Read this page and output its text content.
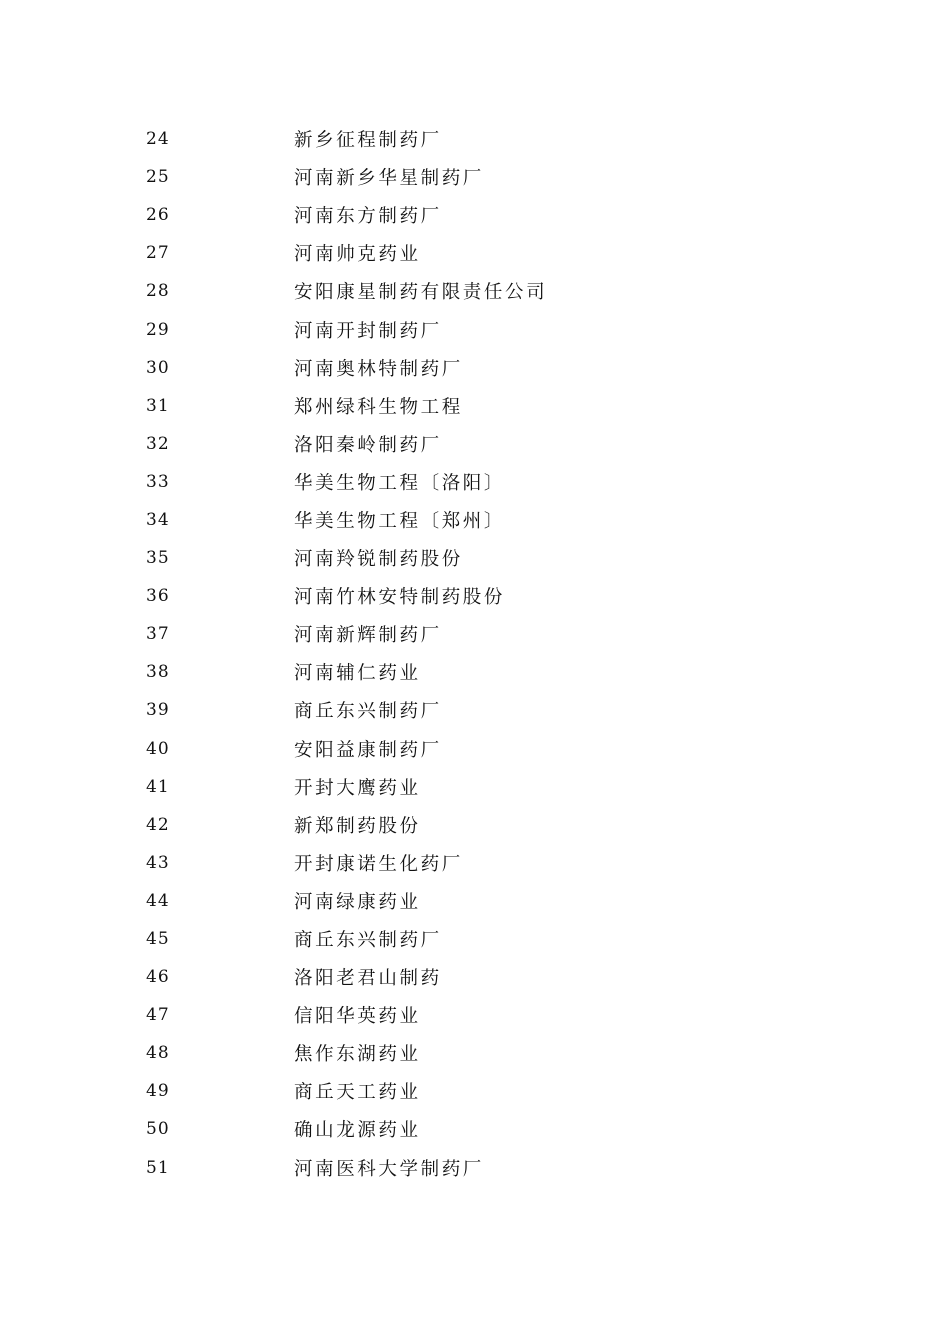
24	新乡征程制药厂
25	河南新乡华星制药厂
26	河南东方制药厂
27	河南帅克药业
28	安阳康星制药有限责任公司
29	河南开封制药厂
30	河南奥林特制药厂
31	郑州绿科生物工程
32	洛阳秦岭制药厂
33	华美生物工程〔洛阳〕
34	华美生物工程〔郑州〕
35	河南羚锐制药股份
36	河南竹林安特制药股份
37	河南新辉制药厂
38	河南辅仁药业
39	商丘东兴制药厂
40	安阳益康制药厂
41	开封大鹰药业
42	新郑制药股份
43	开封康诺生化药厂
44	河南绿康药业
45	商丘东兴制药厂
46	洛阳老君山制药
47	信阳华英药业
48	焦作东湖药业
49	商丘天工药业
50	确山龙源药业
51	河南医科大学制药厂
